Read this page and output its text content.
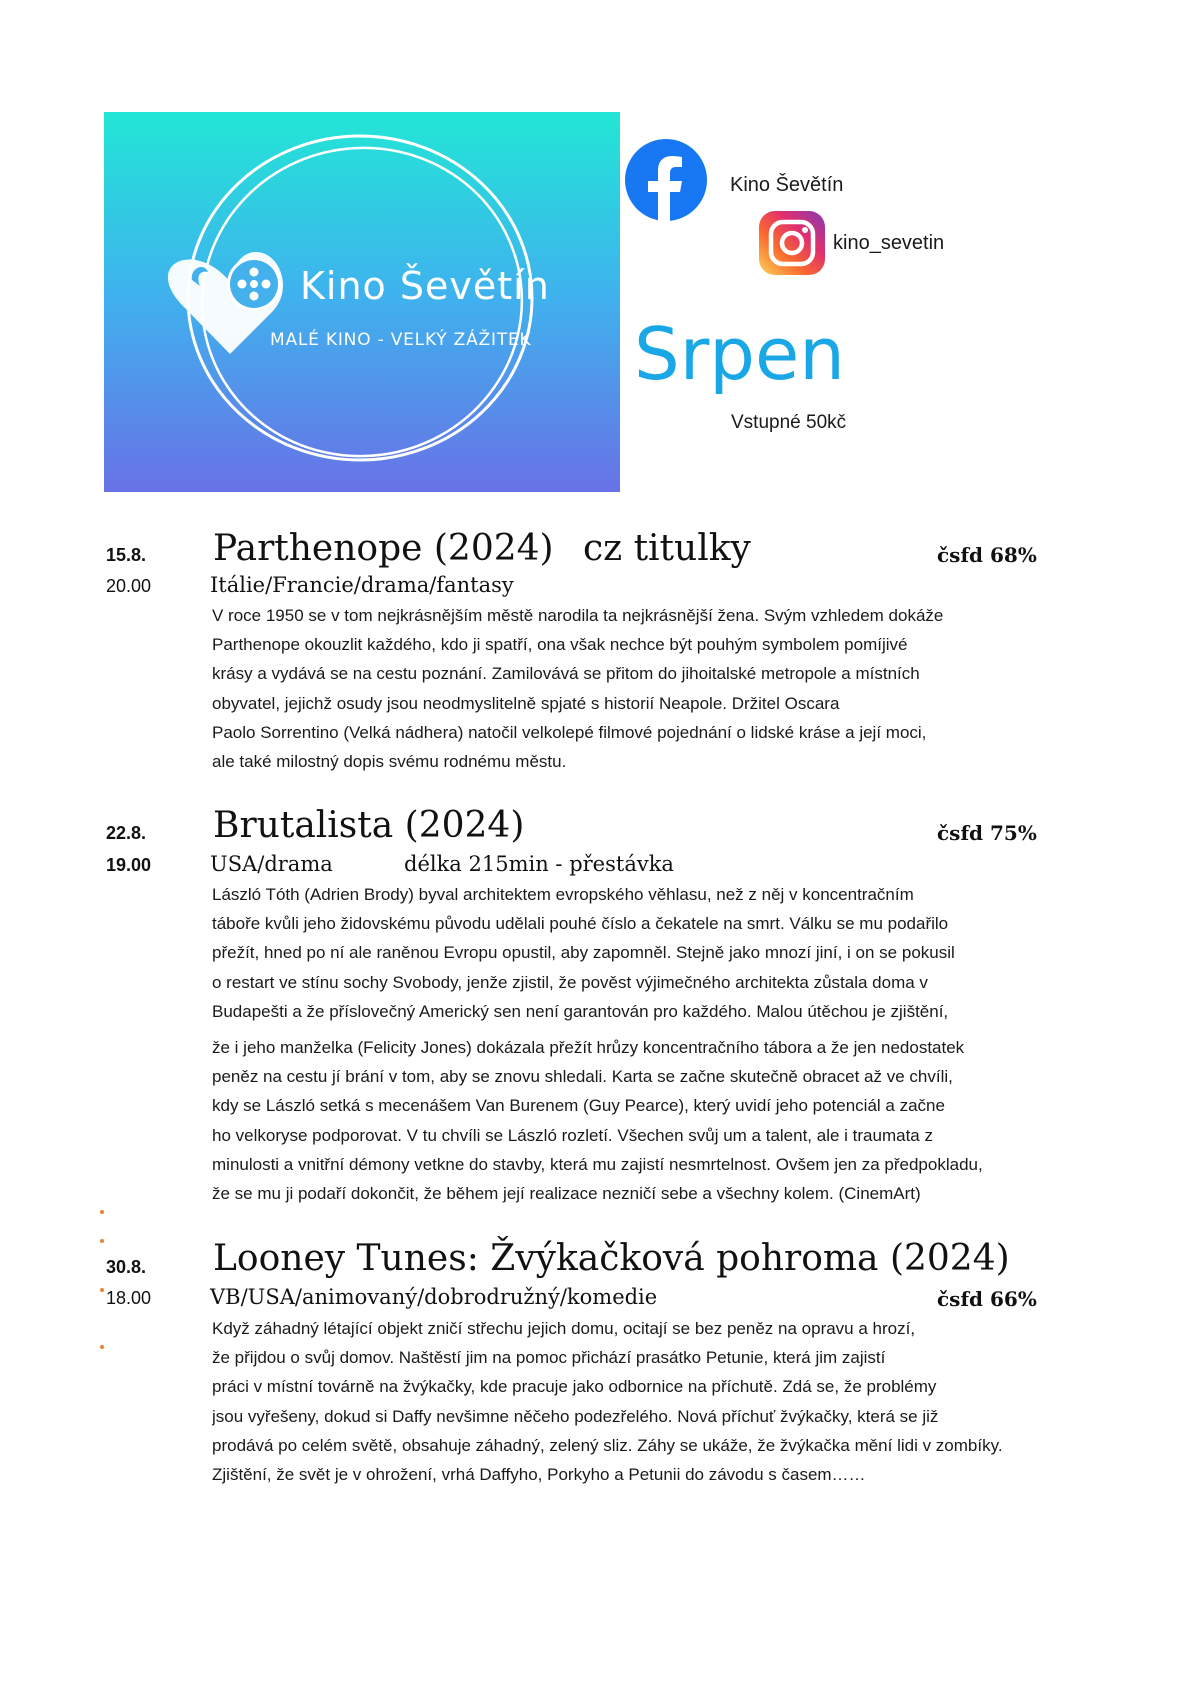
Kino Ševětín
MALÉ KINO - VELKÝ ZÁŽITEK
Kino Ševětín
kino_sevetin
Srpen
Vstupné 50kč
15.8. Parthenope (2024) cz titulky	čsfd 68%
20.00	Itálie/Francie/drama/fantasy
V roce 1950 se v tom nejkrásnějším městě narodila ta nejkrásnější žena. Svým vzhledem dokáže
Parthenope okouzlit každého, kdo ji spatří, ona však nechce být pouhým symbolem pomíjivé
krásy a vydává se na cestu poznání. Zamilovává se přitom do jihoitalské metropole a místních
obyvatel, jejichž osudy jsou neodmyslitelně spjaté s historií Neapole. Držitel Oscara
Paolo Sorrentino (Velká nádhera) natočil velkolepé filmové pojednání o lidské kráse a její moci,
ale také milostný dopis svému rodnému městu.
22.8. Brutalista (2024)	čsfd 75%
19.00	USA/drama	délka 215min - přestávka
László Tóth (Adrien Brody) byval architektem evropského věhlasu, než z něj v koncentračním
táboře kvůli jeho židovskému původu udělali pouhé číslo a čekatele na smrt. Válku se mu podařilo
přežít, hned po ní ale raněnou Evropu opustil, aby zapomněl. Stejně jako mnozí jiní, i on se pokusil
o restart ve stínu sochy Svobody, jenže zjistil, že pověst výjimečného architekta zůstala doma v
Budapešti a že příslovečný Americký sen není garantován pro každého. Malou útěchou je zjištění,
že i jeho manželka (Felicity Jones) dokázala přežít hrůzy koncentračního tábora a že jen nedostatek
peněz na cestu jí brání v tom, aby se znovu shledali. Karta se začne skutečně obracet až ve chvíli,
kdy se László setká s mecenášem Van Burenem (Guy Pearce), který uvidí jeho potenciál a začne
ho velkoryse podporovat. V tu chvíli se László rozletí. Všechen svůj um a talent, ale i traumata z
minulosti a vnitřní démony vetkne do stavby, která mu zajistí nesmrtelnost. Ovšem jen za předpokladu,
že se mu ji podaří dokončit, že během její realizace nezničí sebe a všechny kolem. (CinemArt)
30.8. Looney Tunes: Žvýkačková pohroma (2024)
18.00	VB/USA/animovaný/dobrodružný/komedie	čsfd 66%
Když záhadný létající objekt zničí střechu jejich domu, ocitají se bez peněz na opravu a hrozí,
že přijdou o svůj domov. Naštěstí jim na pomoc přichází prasátko Petunie, která jim zajistí
práci v místní továrně na žvýkačky, kde pracuje jako odbornice na příchutě. Zdá se, že problémy
jsou vyřešeny, dokud si Daffy nevšimne něčeho podezřelého. Nová příchuť žvýkačky, která se již
prodává po celém světě, obsahuje záhadný, zelený sliz. Záhy se ukáže, že žvýkačka mění lidi v zombíky.
Zjištění, že svět je v ohrožení, vrhá Daffyho, Porkyho a Petunii do závodu s časem……
